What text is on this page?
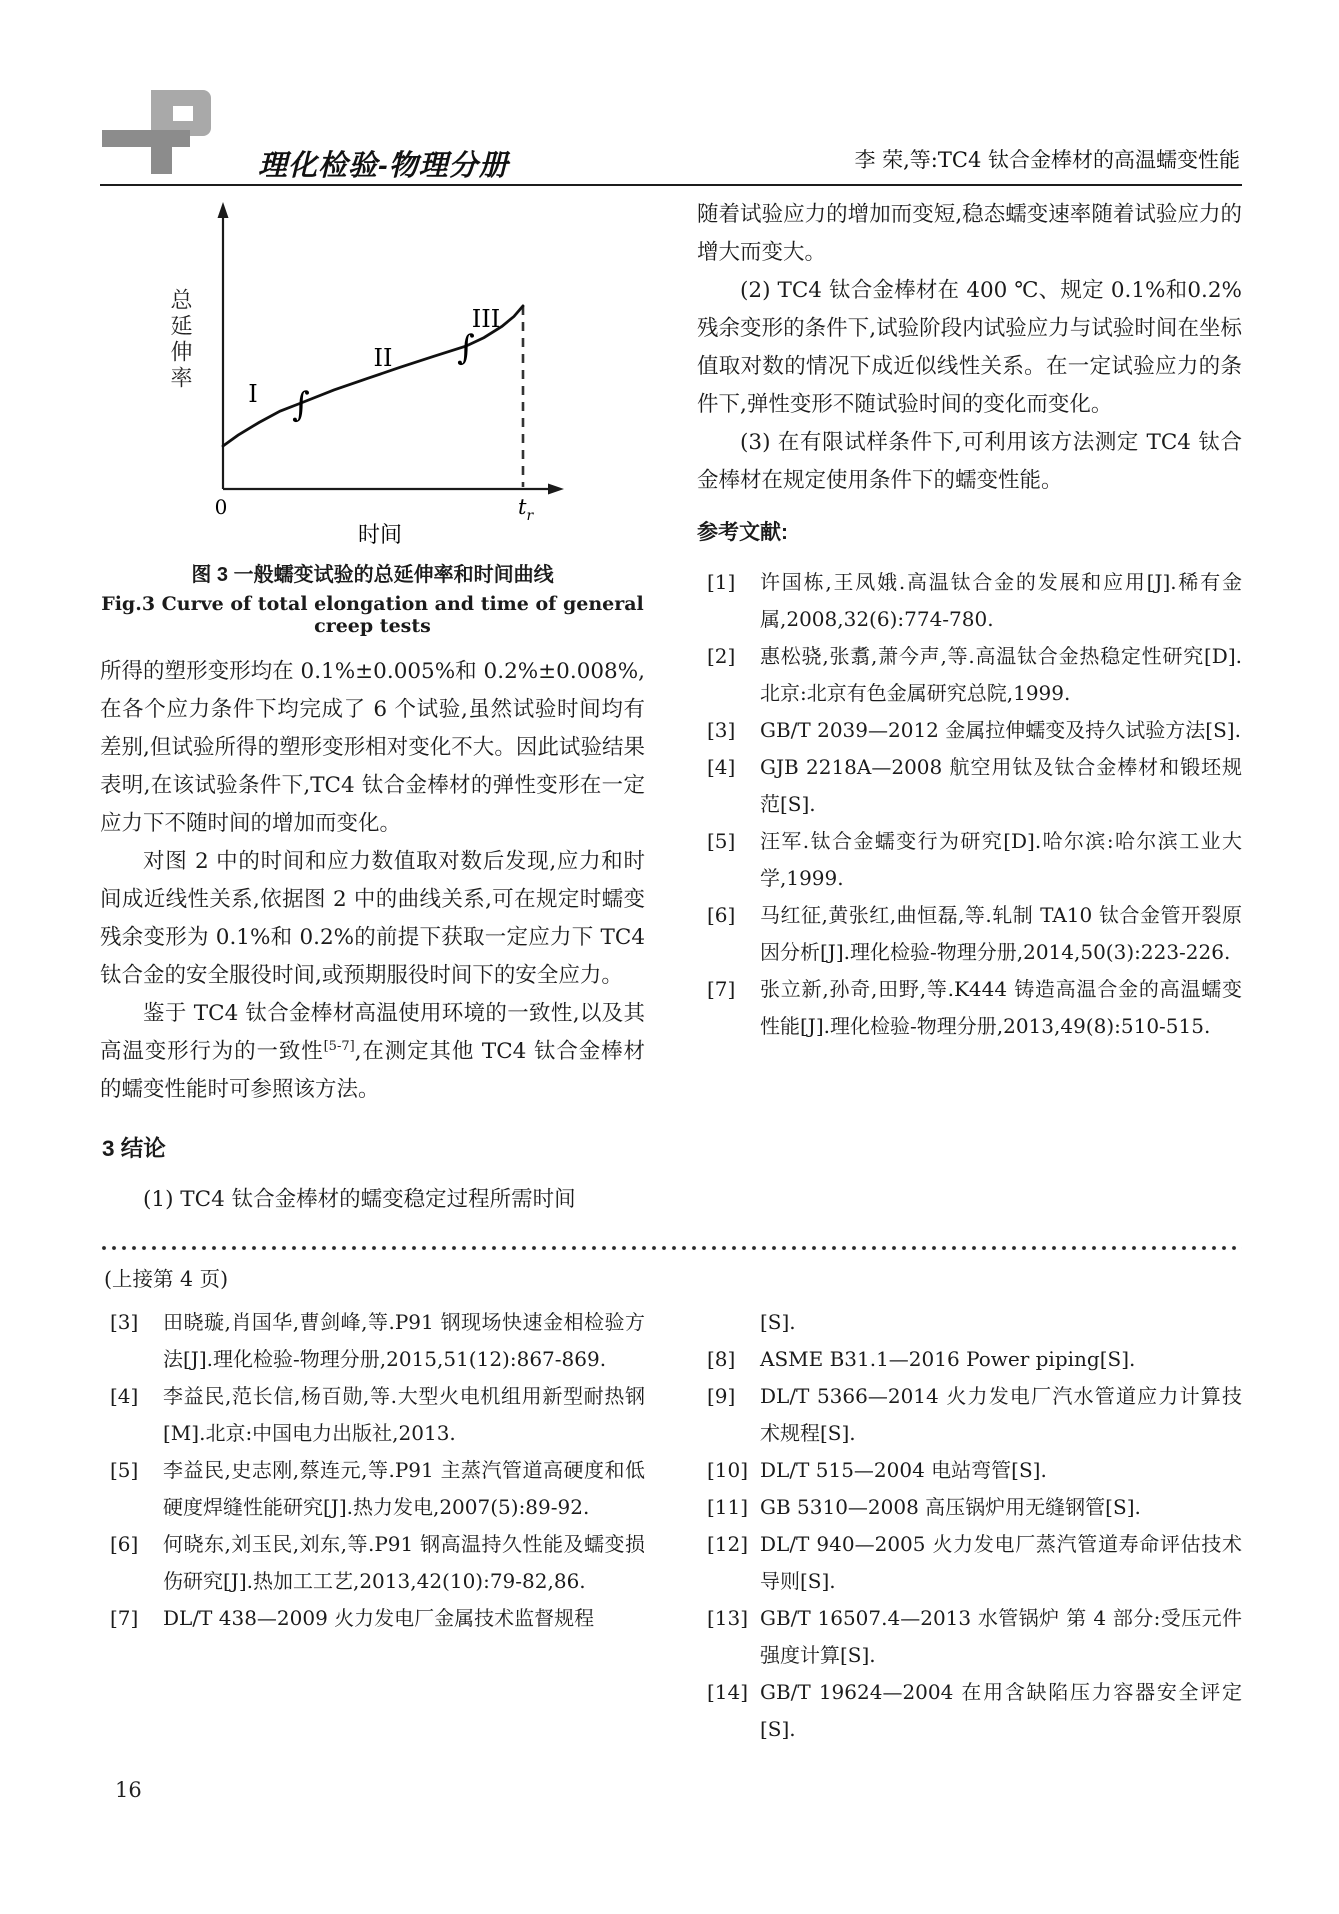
理化检验-物理分册	李 荣,等:TC4 钛合金棒材的高温蠕变性能
总延伸率
∫
∫
I
II
III
0	$t_r$
时间
图 3 一般蠕变试验的总延伸率和时间曲线
Fig.3 Curve of total elongation and time of general creep tests

所得的塑形变形均在 0.1%±0.005%和 0.2%±0.008%,在各个应力条件下均完成了 6 个试验,虽然试验时间均有差别,但试验所得的塑形变形相对变化不大。因此试验结果表明,在该试验条件下,TC4 钛合金棒材的弹性变形在一定应力下不随时间的增加而变化。

对图 2 中的时间和应力数值取对数后发现,应力和时间成近线性关系,依据图 2 中的曲线关系,可在规定时蠕变残余变形为 0.1%和 0.2%的前提下获取一定应力下 TC4 钛合金的安全服役时间,或预期服役时间下的安全应力。

鉴于 TC4 钛合金棒材高温使用环境的一致性,以及其高温变形行为的一致性[5-7],在测定其他 TC4 钛合金棒材的蠕变性能时可参照该方法。

3 结论

(1) TC4 钛合金棒材的蠕变稳定过程所需时间

随着试验应力的增加而变短,稳态蠕变速率随着试验应力的增大而变大。

(2) TC4 钛合金棒材在 400 ℃、规定 0.1%和0.2%残余变形的条件下,试验阶段内试验应力与试验时间在坐标值取对数的情况下成近似线性关系。在一定试验应力的条件下,弹性变形不随试验时间的变化而变化。

(3) 在有限试样条件下,可利用该方法测定 TC4 钛合金棒材在规定使用条件下的蠕变性能。

参考文献:
[1] 许国栋,王凤娥.高温钛合金的发展和应用[J].稀有金属,2008,32(6):774-780.
[2] 惠松骁,张翥,萧今声,等.高温钛合金热稳定性研究[D].北京:北京有色金属研究总院,1999.
[3] GB/T 2039—2012 金属拉伸蠕变及持久试验方法[S].
[4] GJB 2218A—2008 航空用钛及钛合金棒材和锻坯规范[S].
[5] 汪军.钛合金蠕变行为研究[D].哈尔滨:哈尔滨工业大学,1999.
[6] 马红征,黄张红,曲恒磊,等.轧制 TA10 钛合金管开裂原因分析[J].理化检验-物理分册,2014,50(3):223-226.
[7] 张立新,孙奇,田野,等.K444 铸造高温合金的高温蠕变性能[J].理化检验-物理分册,2013,49(8):510-515.
(上接第 4 页)
[3] 田晓璇,肖国华,曹剑峰,等.P91 钢现场快速金相检验方法[J].理化检验-物理分册,2015,51(12):867-869.
[4] 李益民,范长信,杨百勋,等.大型火电机组用新型耐热钢[M].北京:中国电力出版社,2013.
[5] 李益民,史志刚,蔡连元,等.P91 主蒸汽管道高硬度和低硬度焊缝性能研究[J].热力发电,2007(5):89-92.
[6] 何晓东,刘玉民,刘东,等.P91 钢高温持久性能及蠕变损伤研究[J].热加工工艺,2013,42(10):79-82,86.
[7] DL/T 438—2009 火力发电厂金属技术监督规程
[S].
[8] ASME B31.1—2016 Power piping[S].
[9] DL/T 5366—2014 火力发电厂汽水管道应力计算技术规程[S].
[10] DL/T 515—2004 电站弯管[S].
[11] GB 5310—2008 高压锅炉用无缝钢管[S].
[12] DL/T 940—2005 火力发电厂蒸汽管道寿命评估技术导则[S].
[13] GB/T 16507.4—2013 水管锅炉 第 4 部分:受压元件强度计算[S].
[14] GB/T 19624—2004 在用含缺陷压力容器安全评定[S].
16
